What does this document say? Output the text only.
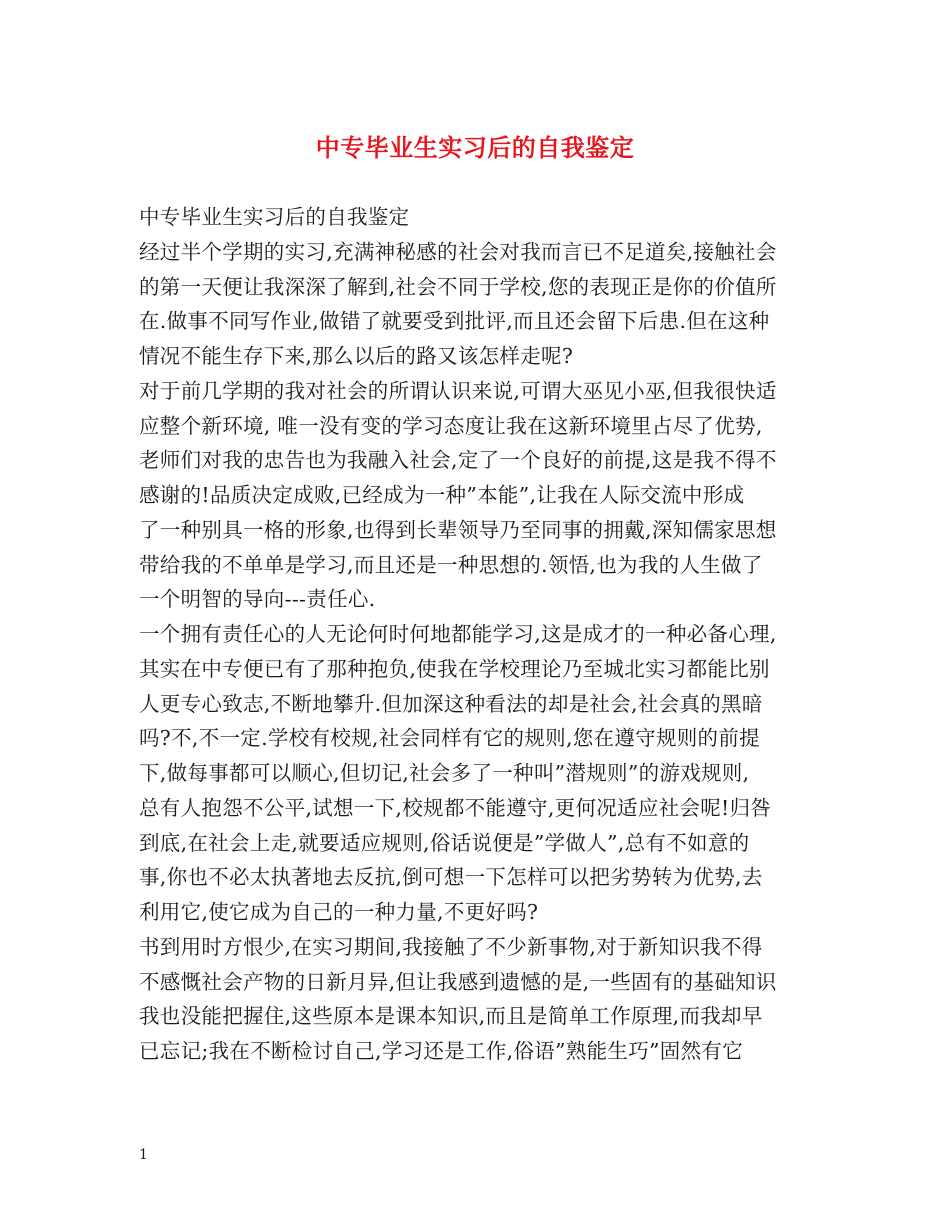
中专毕业生实习后的自我鉴定
中专毕业生实习后的自我鉴定
经过半个学期的实习,充满神秘感的社会对我而言已不足道矣,接触社会
的第一天便让我深深了解到,社会不同于学校,您的表现正是你的价值所
在.做事不同写作业,做错了就要受到批评,而且还会留下后患.但在这种
情况不能生存下来,那么以后的路又该怎样走呢?
对于前几学期的我对社会的所谓认识来说,可谓大巫见小巫,但我很快适
应整个新环境, 唯一没有变的学习态度让我在这新环境里占尽了优势,
老师们对我的忠告也为我融入社会,定了一个良好的前提,这是我不得不
感谢的!品质决定成败,已经成为一种”本能”,让我在人际交流中形成
了一种别具一格的形象,也得到长辈领导乃至同事的拥戴,深知儒家思想
带给我的不单单是学习,而且还是一种思想的.领悟,也为我的人生做了
一个明智的导向---责任心.
一个拥有责任心的人无论何时何地都能学习,这是成才的一种必备心理,
其实在中专便已有了那种抱负,使我在学校理论乃至城北实习都能比别
人更专心致志,不断地攀升.但加深这种看法的却是社会,社会真的黑暗
吗?不,不一定.学校有校规,社会同样有它的规则,您在遵守规则的前提
下,做每事都可以顺心,但切记,社会多了一种叫”潜规则”的游戏规则,
总有人抱怨不公平,试想一下,校规都不能遵守,更何况适应社会呢!归咎
到底,在社会上走,就要适应规则,俗话说便是”学做人”,总有不如意的
事,你也不必太执著地去反抗,倒可想一下怎样可以把劣势转为优势,去
利用它,使它成为自己的一种力量,不更好吗?
书到用时方恨少,在实习期间,我接触了不少新事物,对于新知识我不得
不感慨社会产物的日新月异,但让我感到遗憾的是,一些固有的基础知识
我也没能把握住,这些原本是课本知识,而且是简单工作原理,而我却早
已忘记;我在不断检讨自己,学习还是工作,俗语”熟能生巧”固然有它
1
